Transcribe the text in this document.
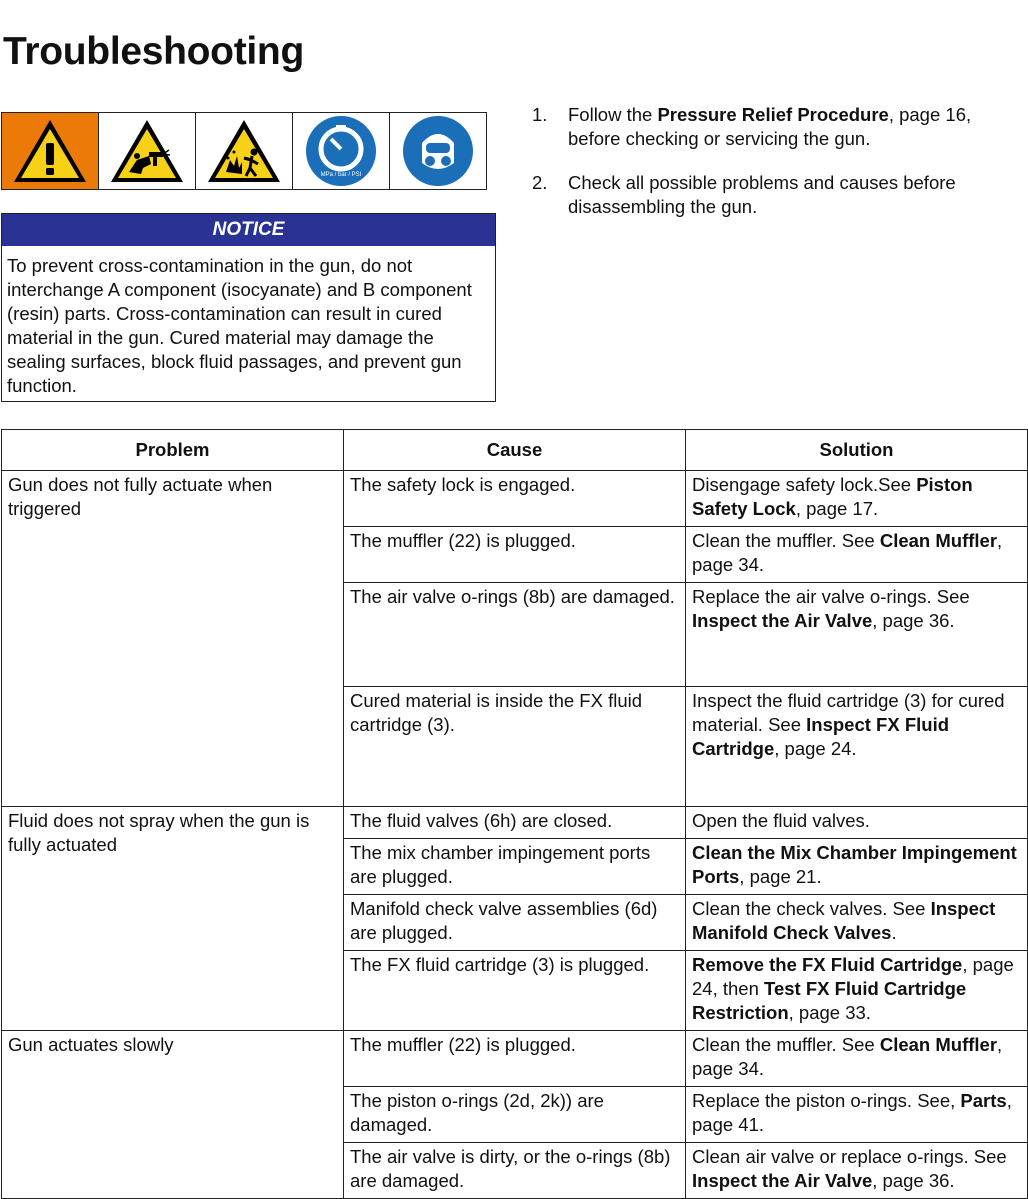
Troubleshooting
MPa / bar / PSI
NOTICE
To prevent cross-contamination in the gun, do not interchange A component (isocyanate) and B component (resin) parts. Cross-contamination can result in cured material in the gun. Cured material may damage the sealing surfaces, block fluid passages, and prevent gun function.
1. Follow the Pressure Relief Procedure, page 16, before checking or servicing the gun.
2. Check all possible problems and causes before disassembling the gun.
Problem	Cause	Solution
Gun does not fully actuate when triggered	The safety lock is engaged.	Disengage safety lock.See Piston Safety Lock, page 17.
	The muffler (22) is plugged.	Clean the muffler. See Clean Muffler, page 34.
	The air valve o-rings (8b) are damaged.	Replace the air valve o-rings. See Inspect the Air Valve, page 36.
	Cured material is inside the FX fluid cartridge (3).	Inspect the fluid cartridge (3) for cured material. See Inspect FX Fluid Cartridge, page 24.
Fluid does not spray when the gun is fully actuated	The fluid valves (6h) are closed.	Open the fluid valves.
	The mix chamber impingement ports are plugged.	Clean the Mix Chamber Impingement Ports, page 21.
	Manifold check valve assemblies (6d) are plugged.	Clean the check valves. See Inspect Manifold Check Valves.
	The FX fluid cartridge (3) is plugged.	Remove the FX Fluid Cartridge, page 24, then Test FX Fluid Cartridge Restriction, page 33.
Gun actuates slowly	The muffler (22) is plugged.	Clean the muffler. See Clean Muffler, page 34.
	The piston o-rings (2d, 2k)) are damaged.	Replace the piston o-rings. See, Parts, page 41.
	The air valve is dirty, or the o-rings (8b) are damaged.	Clean air valve or replace o-rings. See Inspect the Air Valve, page 36.
